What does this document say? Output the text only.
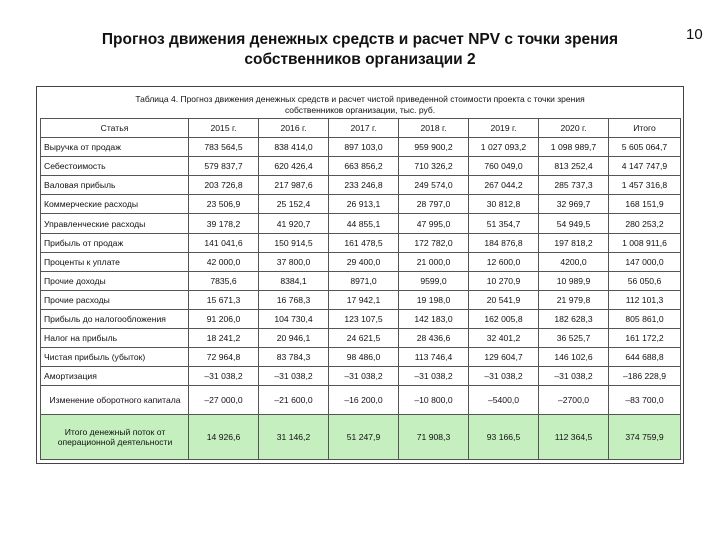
10
Прогноз движения денежных средств и расчет NPV с точки зрения
собственников организации 2
Таблица 4. Прогноз движения денежных средств и расчет чистой приведенной стоимости проекта с точки зрения
собственников организации, тыс. руб.
Статья	2015 г.	2016 г.	2017 г.	2018 г.	2019 г.	2020 г.	Итого
Выручка от продаж	783 564,5	838 414,0	897 103,0	959 900,2	1 027 093,2	1 098 989,7	5 605 064,7
Себестоимость	579 837,7	620 426,4	663 856,2	710 326,2	760 049,0	813 252,4	4 147 747,9
Валовая прибыль	203 726,8	217 987,6	233 246,8	249 574,0	267 044,2	285 737,3	1 457 316,8
Коммерческие расходы	23 506,9	25 152,4	26 913,1	28 797,0	30 812,8	32 969,7	168 151,9
Управленческие расходы	39 178,2	41 920,7	44 855,1	47 995,0	51 354,7	54 949,5	280 253,2
Прибыль от продаж	141 041,6	150 914,5	161 478,5	172 782,0	184 876,8	197 818,2	1 008 911,6
Проценты к уплате	42 000,0	37 800,0	29 400,0	21 000,0	12 600,0	4200,0	147 000,0
Прочие доходы	7835,6	8384,1	8971,0	9599,0	10 270,9	10 989,9	56 050,6
Прочие расходы	15 671,3	16 768,3	17 942,1	19 198,0	20 541,9	21 979,8	112 101,3
Прибыль до налогообложения	91 206,0	104 730,4	123 107,5	142 183,0	162 005,8	182 628,3	805 861,0
Налог на прибыль	18 241,2	20 946,1	24 621,5	28 436,6	32 401,2	36 525,7	161 172,2
Чистая прибыль (убыток)	72 964,8	83 784,3	98 486,0	113 746,4	129 604,7	146 102,6	644 688,8
Амортизация	–31 038,2	–31 038,2	–31 038,2	–31 038,2	–31 038,2	–31 038,2	–186 228,9
Изменение оборотного капитала	–27 000,0	–21 600,0	–16 200,0	–10 800,0	–5400,0	–2700,0	–83 700,0
Итого денежный поток от операционной деятельности	14 926,6	31 146,2	51 247,9	71 908,3	93 166,5	112 364,5	374 759,9
